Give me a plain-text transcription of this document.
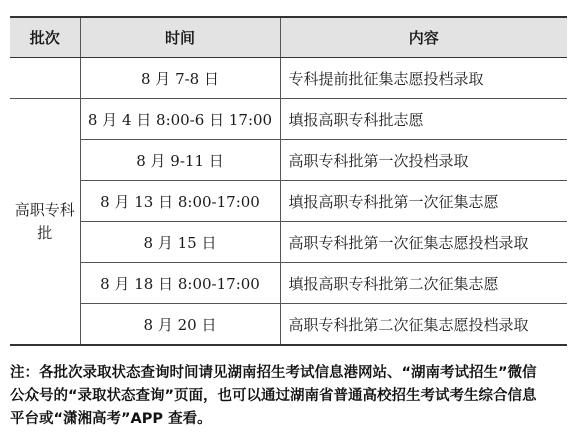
批次	时间	内容
	8 月 7-8 日	专科提前批征集志愿投档录取
高职专科批	8 月 4 日 8:00-6 日 17:00	填报高职专科批志愿
	8 月 9-11 日	高职专科批第一次投档录取
	8 月 13 日 8:00-17:00	填报高职专科批第一次征集志愿
	8 月 15 日	高职专科批第一次征集志愿投档录取
	8 月 18 日 8:00-17:00	填报高职专科批第二次征集志愿
	8 月 20 日	高职专科批第二次征集志愿投档录取

注：各批次录取状态查询时间请见湖南招生考试信息港网站、“湖南考试招生”微信公众号的“录取状态查询”页面，也可以通过湖南省普通高校招生考试考生综合信息平台或“潇湘高考”APP 查看。
